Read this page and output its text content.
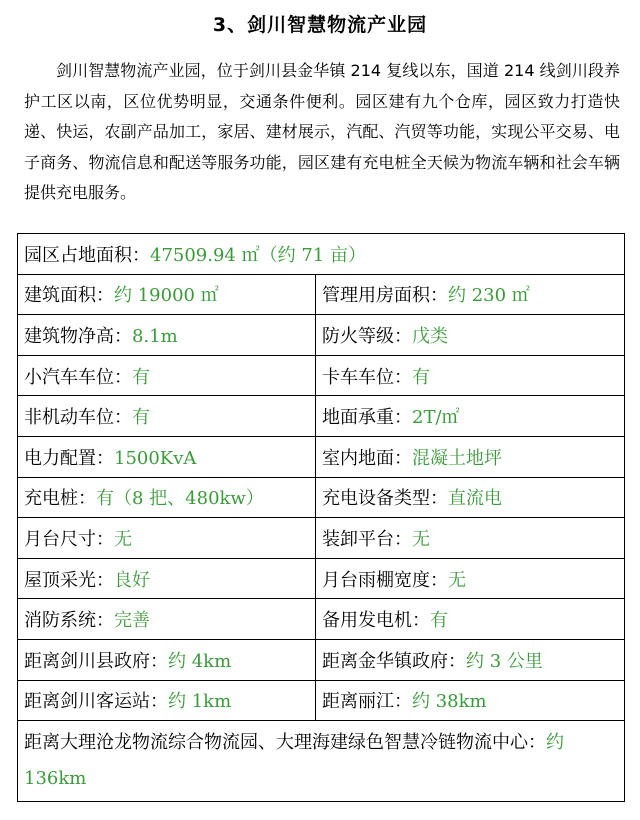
3、剑川智慧物流产业园
剑川智慧物流产业园，位于剑川县金华镇 214 复线以东，国道 214 线剑川段养护工区以南，区位优势明显，交通条件便利。园区建有九个仓库，园区致力打造快递、快运，农副产品加工，家居、建材展示，汽配、汽贸等功能，实现公平交易、电子商务、物流信息和配送等服务功能，园区建有充电桩全天候为物流车辆和社会车辆提供充电服务。
园区占地面积：47509.94 ㎡（约 71 亩）	
建筑面积：约 19000 ㎡	管理用房面积：约 230 ㎡
建筑物净高：8.1m	防火等级：戊类
小汽车车位：有	卡车车位：有
非机动车位：有	地面承重：2T/㎡
电力配置：1500KvA	室内地面：混凝土地坪
充电桩：有（8 把、480kw）	充电设备类型：直流电
月台尺寸：无	装卸平台：无
屋顶采光：良好	月台雨棚宽度：无
消防系统：完善	备用发电机：有
距离剑川县政府：约 4km	距离金华镇政府：约 3 公里
距离剑川客运站：约 1km	距离丽江：约 38km
距离大理沧龙物流综合物流园、大理海建绿色智慧冷链物流中心：约 136km	
